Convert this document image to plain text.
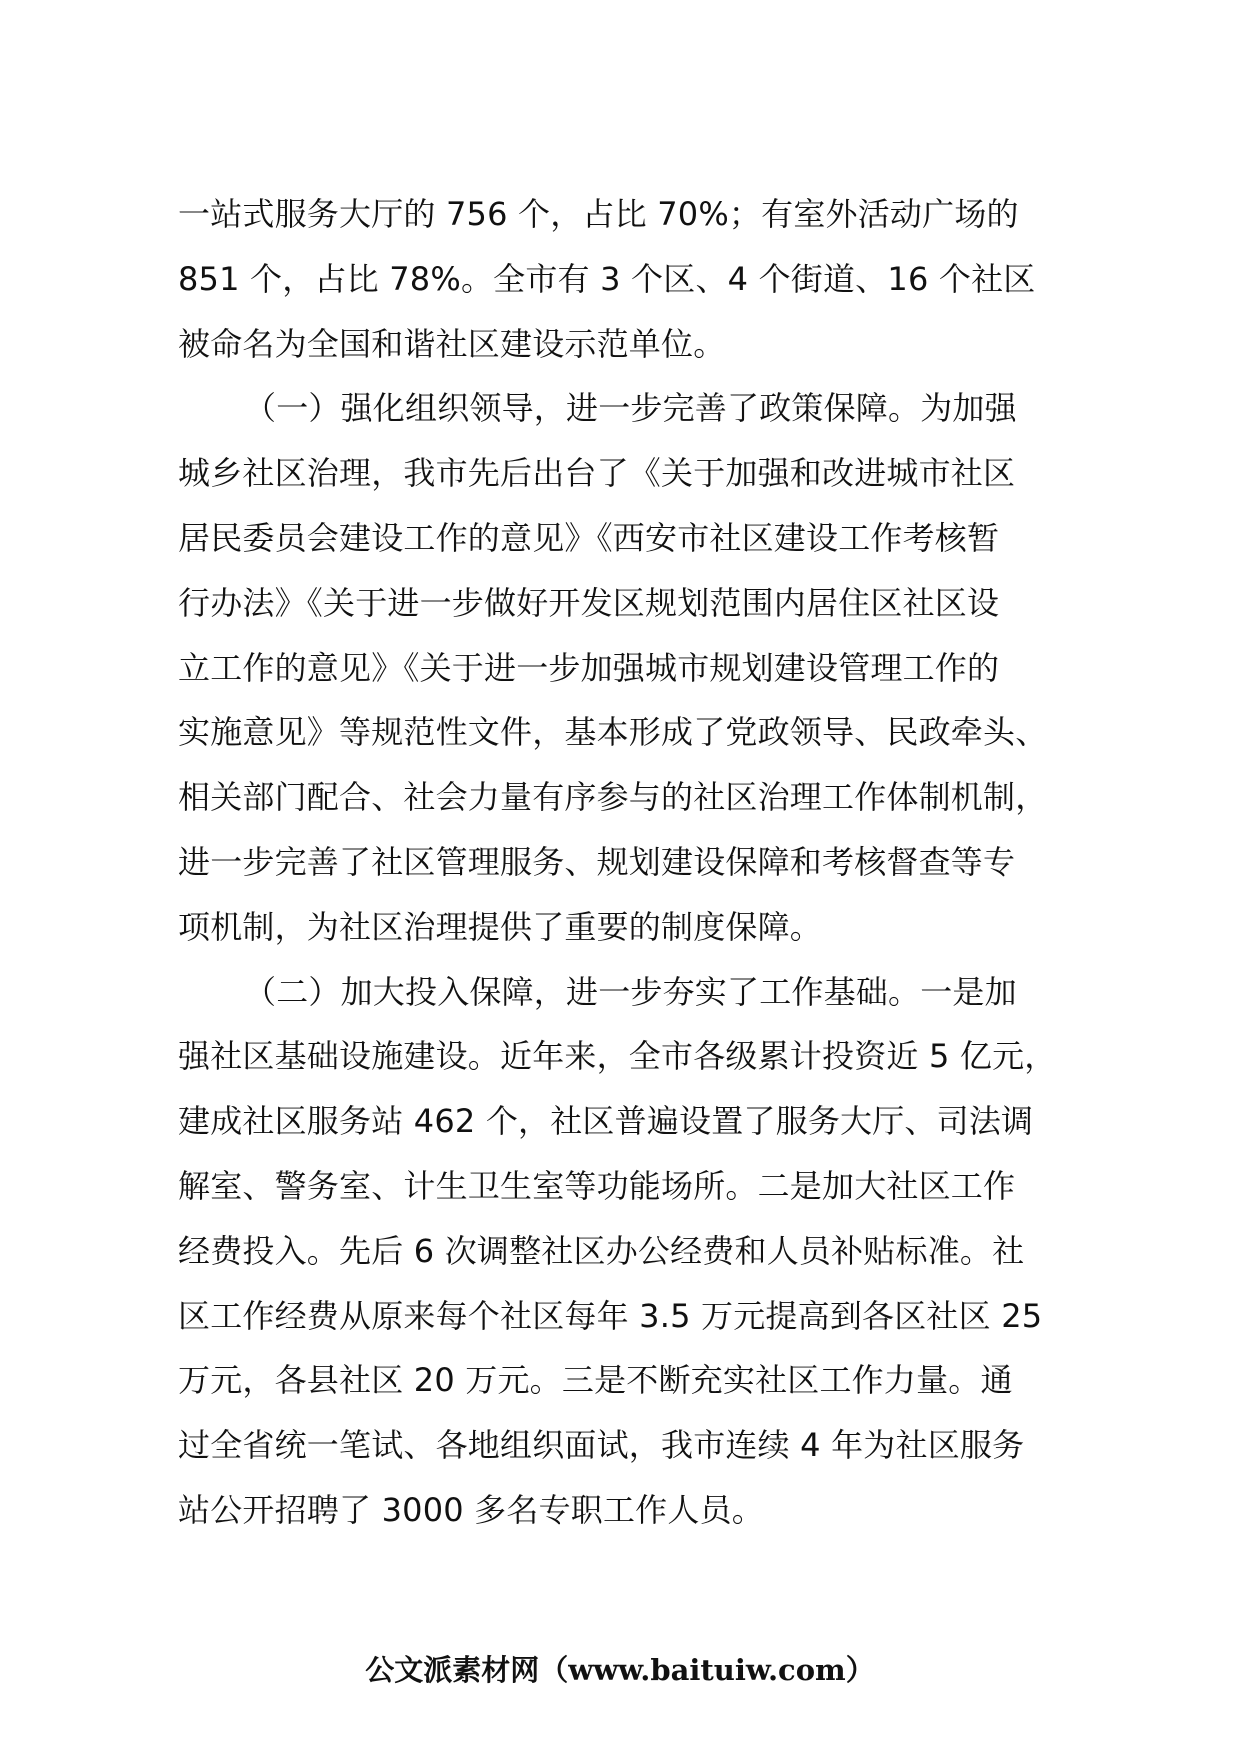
一站式服务大厅的 756 个，占比 70%；有室外活动广场的
851 个，占比 78%。全市有 3 个区、4 个街道、16 个社区
被命名为全国和谐社区建设示范单位。
（一）强化组织领导，进一步完善了政策保障。为加强
城乡社区治理，我市先后出台了《关于加强和改进城市社区
居民委员会建设工作的意见》《西安市社区建设工作考核暂
行办法》《关于进一步做好开发区规划范围内居住区社区设
立工作的意见》《关于进一步加强城市规划建设管理工作的
实施意见》等规范性文件，基本形成了党政领导、民政牵头、
相关部门配合、社会力量有序参与的社区治理工作体制机制，
进一步完善了社区管理服务、规划建设保障和考核督查等专
项机制，为社区治理提供了重要的制度保障。
（二）加大投入保障，进一步夯实了工作基础。一是加
强社区基础设施建设。近年来，全市各级累计投资近 5 亿元，
建成社区服务站 462 个，社区普遍设置了服务大厅、司法调
解室、警务室、计生卫生室等功能场所。二是加大社区工作
经费投入。先后 6 次调整社区办公经费和人员补贴标准。社
区工作经费从原来每个社区每年 3.5 万元提高到各区社区 25
万元，各县社区 20 万元。三是不断充实社区工作力量。通
过全省统一笔试、各地组织面试，我市连续 4 年为社区服务
站公开招聘了 3000 多名专职工作人员。
公文派素材网（www.baituiw.com）
